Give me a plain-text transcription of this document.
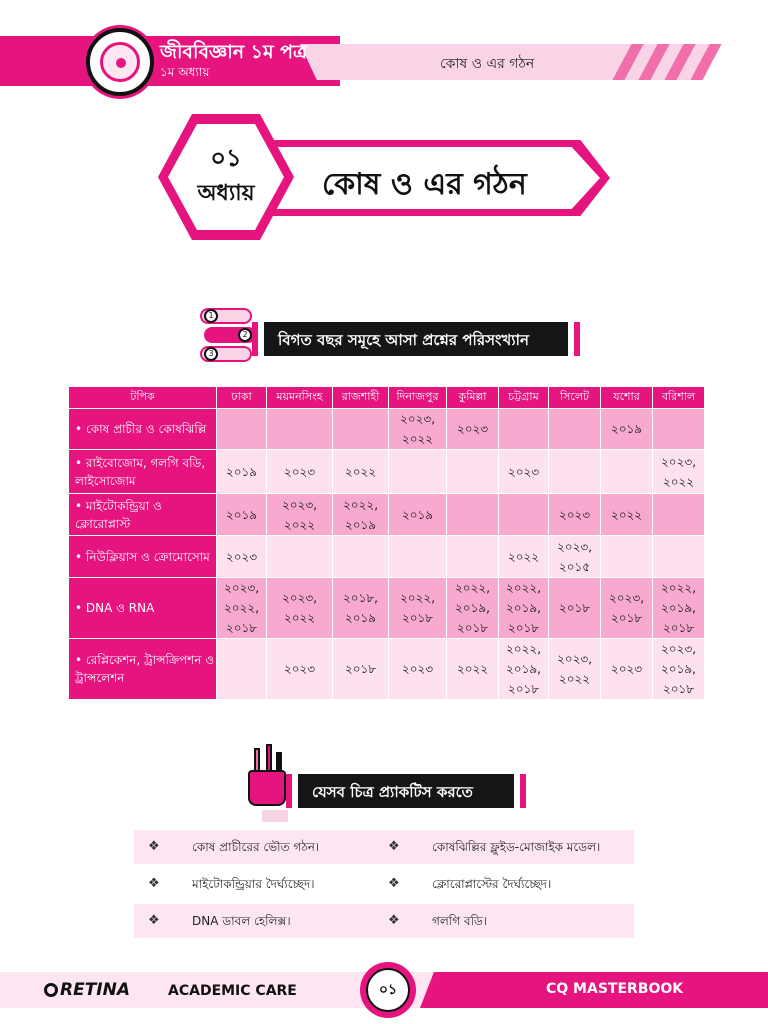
জীববিজ্ঞান ১ম পত্র
১ম অধ্যায়	কোষ ও এর গঠন
কোষ ও এর গঠন
০১
অধ্যায়
1
2
3
বিগত বছর সমূহে আসা প্রশ্নের পরিসংখ্যান
টপিক	ঢাকা	ময়মনসিংহ	রাজশাহী	দিনাজপুর	কুমিল্লা	চট্টগ্রাম	সিলেট	যশোর	বরিশাল
• কোষ প্রাচীর ও কোষঝিল্লি				২০২৩, ২০২২	২০২৩			২০১৯	
• রাইবোজোম, গলগি বডি, লাইসোজোম	২০১৯	২০২৩	২০২২			২০২৩			২০২৩, ২০২২
• মাইটোকন্ড্রিয়া ও ক্লোরোপ্লাস্ট	২০১৯	২০২৩, ২০২২	২০২২, ২০১৯	২০১৯			২০২৩	২০২২	
• নিউক্লিয়াস ও ক্রোমোসোম	২০২৩					২০২২	২০২৩, ২০১৫		
• DNA ও RNA	২০২৩, ২০২২, ২০১৮	২০২৩, ২০২২	২০১৮, ২০১৯	২০২২, ২০১৮	২০২২, ২০১৯, ২০১৮	২০২২, ২০১৯, ২০১৮	২০১৮	২০২৩, ২০১৮	২০২২, ২০১৯, ২০১৮
• রেপ্লিকেশন, ট্রান্সক্রিপশন ও ট্রান্সলেশন		২০২৩	২০১৮	২০২৩	২০২২	২০২২, ২০১৯, ২০১৮	২০২৩, ২০২২	২০২৩	২০২৩, ২০১৯, ২০১৮
যেসব চিত্র প্র্যাকটিস করতে হবে
❖	কোষ প্রাচীরের ভৌত গঠন।	❖	কোষঝিল্লির ফ্লুইড-মোজাইক মডেল।
❖	মাইটোকন্ড্রিয়ার দৈর্ঘ্যচ্ছেদ।	❖	ক্লোরোপ্লাস্টের দৈর্ঘ্যচ্ছেদ।
❖	DNA ডাবল হেলিক্স।	❖	গলগি বডি।
RETINA	ACADEMIC CARE	০১	CQ MASTERBOOK
